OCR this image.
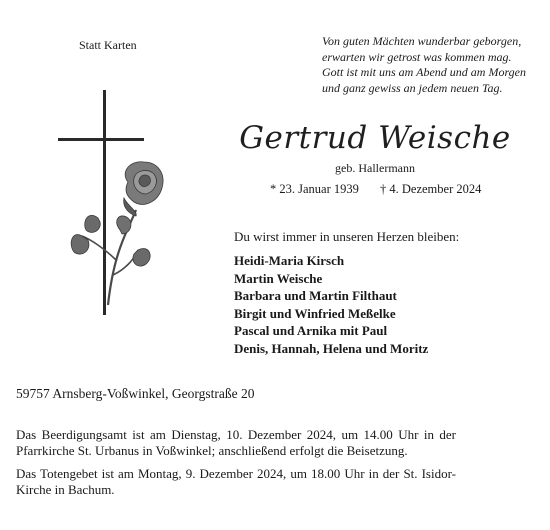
Statt Karten	Von guten Mächten wunderbar geborgen,
erwarten wir getrost was kommen mag.
Gott ist mit uns am Abend und am Morgen
und ganz gewiss an jedem neuen Tag.
Gertrud Weische
geb. Hallermann
* 23. Januar 1939 † 4. Dezember 2024
Du wirst immer in unseren Herzen bleiben:
Heidi-Maria Kirsch
Martin Weische
Barbara und Martin Filthaut
Birgit und Winfried Meßelke
Pascal und Arnika mit Paul
Denis, Hannah, Helena und Moritz
59757 Arnsberg-Voßwinkel, Georgstraße 20
Das Beerdigungsamt ist am Dienstag, 10. Dezember 2024, um 14.00 Uhr in der Pfarrkirche St. Urbanus in Voßwinkel; anschließend erfolgt die Beisetzung.
Das Totengebet ist am Montag, 9. Dezember 2024, um 18.00 Uhr in der St. Isidor-Kirche in Bachum.
